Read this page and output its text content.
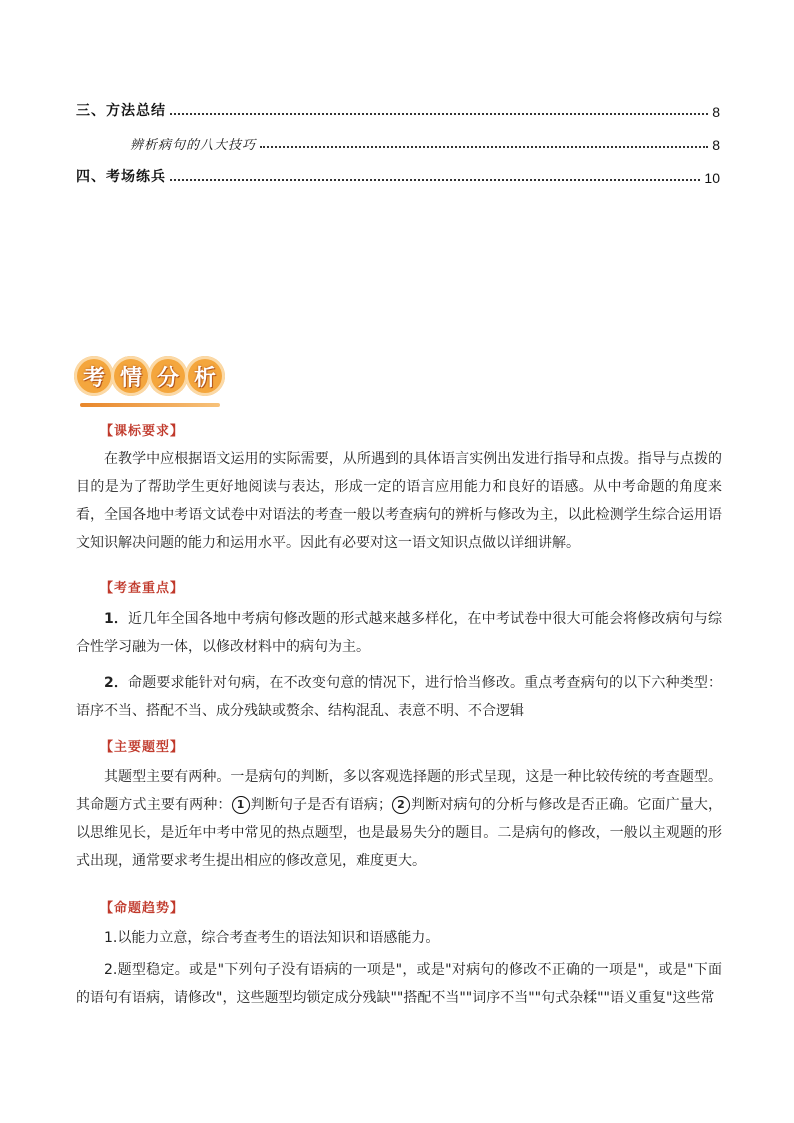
三、方法总结	8
辨析病句的八大技巧	8
四、考场练兵	10
考 情 分 析
【课标要求】

在教学中应根据语文运用的实际需要，从所遇到的具体语言实例出发进行指导和点拨。指导与点拨的目的是为了帮助学生更好地阅读与表达，形成一定的语言应用能力和良好的语感。从中考命题的角度来看，全国各地中考语文试卷中对语法的考查一般以考查病句的辨析与修改为主，以此检测学生综合运用语文知识解决问题的能力和运用水平。因此有必要对这一语文知识点做以详细讲解。

【考查重点】

1．近几年全国各地中考病句修改题的形式越来越多样化，在中考试卷中很大可能会将修改病句与综合性学习融为一体，以修改材料中的病句为主。

2．命题要求能针对句病，在不改变句意的情况下，进行恰当修改。重点考查病句的以下六种类型：语序不当、搭配不当、成分残缺或赘余、结构混乱、表意不明、不合逻辑

【主要题型】

其题型主要有两种。一是病句的判断，多以客观选择题的形式呈现，这是一种比较传统的考查题型。其命题方式主要有两种： 1 判断句子是否有语病； 2 判断对病句的分析与修改是否正确。它面广量大，以思维见长，是近年中考中常见的热点题型，也是最易失分的题目。二是病句的修改，一般以主观题的形式出现，通常要求考生提出相应的修改意见，难度更大。

【命题趋势】

1.以能力立意，综合考查考生的语法知识和语感能力。

2.题型稳定。或是"下列句子没有语病的一项是"，或是"对病句的修改不正确的一项是"，或是"下面的语句有语病，请修改"，这些题型均锁定成分残缺""搭配不当""词序不当""句式杂糅""语义重复"这些常
